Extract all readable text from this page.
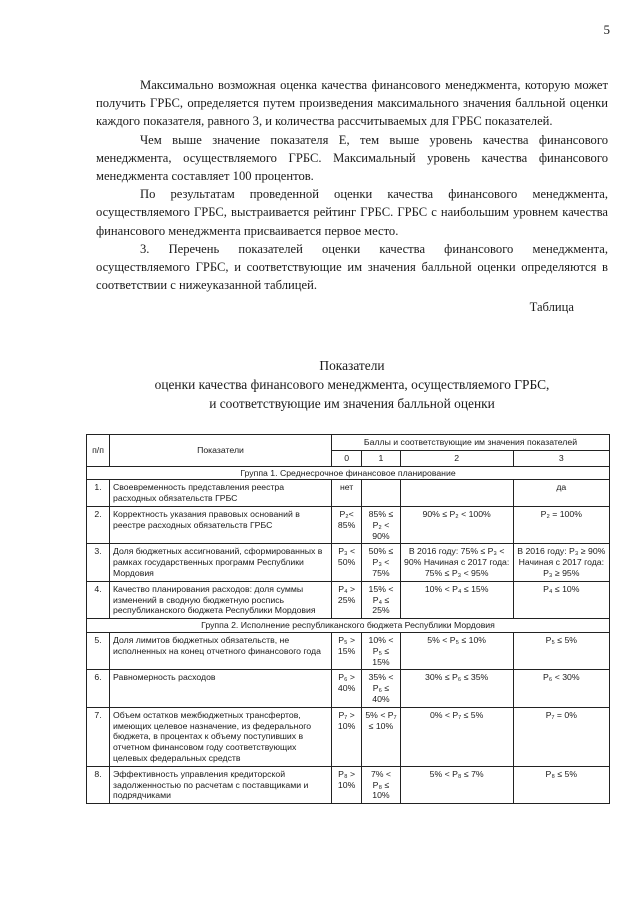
5

Максимально возможная оценка качества финансового менеджмента, которую может получить ГРБС, определяется путем произведения максимального значения балльной оценки каждого показателя, равного 3, и количества рассчитываемых для ГРБС показателей.

Чем выше значение показателя E, тем выше уровень качества финансового менеджмента, осуществляемого ГРБС. Максимальный уровень качества финансового менеджмента составляет 100 процентов.

По результатам проведенной оценки качества финансового менеджмента, осуществляемого ГРБС, выстраивается рейтинг ГРБС. ГРБС с наибольшим уровнем качества финансового менеджмента присваивается первое место.

3. Перечень показателей оценки качества финансового менеджмента, осуществляемого ГРБС, и соответствующие им значения балльной оценки определяются в соответствии с нижеуказанной таблицей.

Таблица

Показатели
оценки качества финансового менеджмента, осуществляемого ГРБС,
и соответствующие им значения балльной оценки
п/п	Показатели	Баллы и соответствующие им значения показателей			
		0	1	2	3
Группа 1. Среднесрочное финансовое планирование					
1.	Своевременность представления реестра расходных обязательств ГРБС	нет			да
2.	Корректность указания правовых оснований в реестре расходных обязательств ГРБС	P₂< 85%	85% ≤ P₂ < 90%	90% ≤ P₂ < 100%	P₂ = 100%
3.	Доля бюджетных ассигнований, сформированных в рамках государственных программ Республики Мордовия	P₃ < 50%	50% ≤ P₃ < 75%	В 2016 году: 75% ≤ P₃ < 90% Начиная с 2017 года: 75% ≤ P₃ < 95%	В 2016 году: P₃ ≥ 90% Начиная с 2017 года: P₃ ≥ 95%
4.	Качество планирования расходов: доля суммы изменений в сводную бюджетную роспись республиканского бюджета Республики Мордовия	P₄ > 25%	15% < P₄ ≤ 25%	10% < P₄ ≤ 15%	P₄ ≤ 10%
Группа 2. Исполнение республиканского бюджета Республики Мордовия					
5.	Доля лимитов бюджетных обязательств, не исполненных на конец отчетного финансового года	P₅ > 15%	10% < P₅ ≤ 15%	5% < P₅ ≤ 10%	P₅ ≤ 5%
6.	Равномерность расходов	P₆ > 40%	35% < P₆ ≤ 40%	30% ≤ P₆ ≤ 35%	P₆ < 30%
7.	Объем остатков межбюджетных трансфертов, имеющих целевое назначение, из федерального бюджета, в процентах к объему поступивших в отчетном финансовом году соответствующих целевых федеральных средств	P₇ > 10%	5% < P₇ ≤ 10%	0% < P₇ ≤ 5%	P₇ = 0%
8.	Эффективность управления кредиторской задолженностью по расчетам с поставщиками и подрядчиками	P₈ > 10%	7% < P₈ ≤ 10%	5% < P₈ ≤ 7%	P₈ ≤ 5%
